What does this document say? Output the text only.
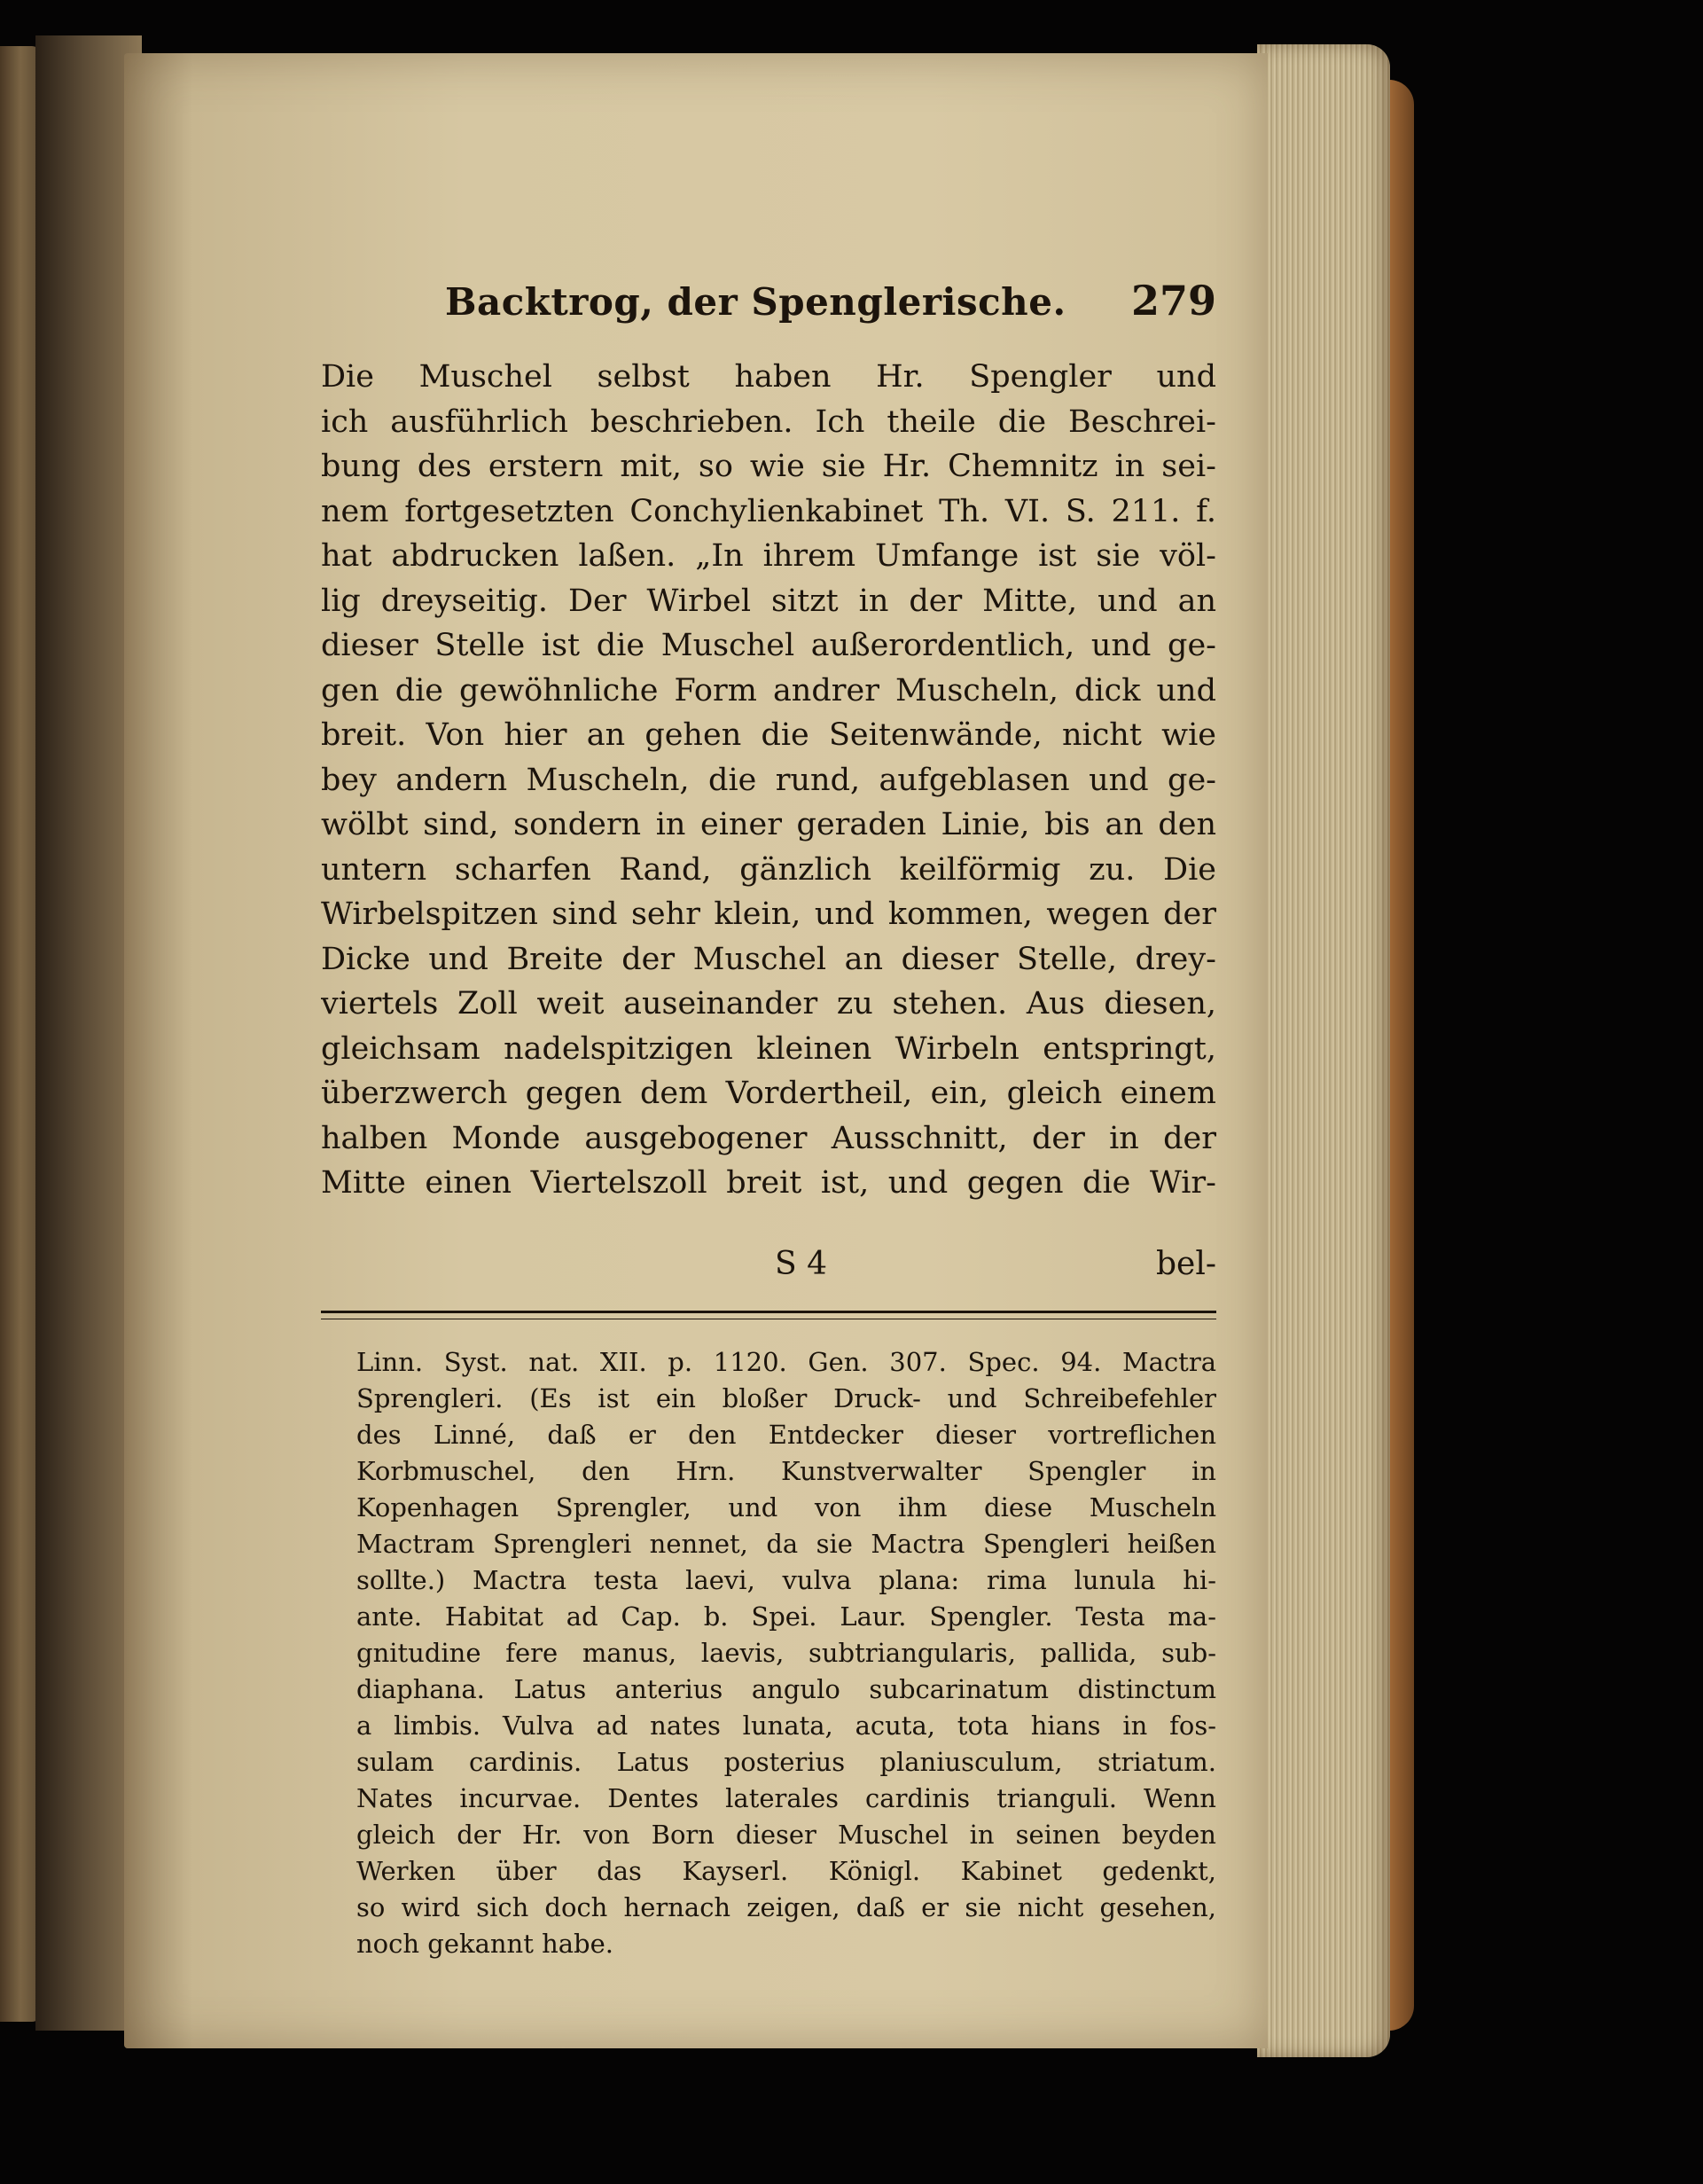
Backtrog, der Spenglerische.	279
Die Muschel selbst haben Hr. Spengler und
ich ausführlich beschrieben. Ich theile die Beschrei-
bung des erstern mit, so wie sie Hr. Chemnitz in sei-
nem fortgesetzten Conchylienkabinet Th. VI. S. 211. f.
hat abdrucken laßen. „In ihrem Umfange ist sie völ-
lig dreyseitig. Der Wirbel sitzt in der Mitte, und an
dieser Stelle ist die Muschel außerordentlich, und ge-
gen die gewöhnliche Form andrer Muscheln, dick und
breit. Von hier an gehen die Seitenwände, nicht wie
bey andern Muscheln, die rund, aufgeblasen und ge-
wölbt sind, sondern in einer geraden Linie, bis an den
untern scharfen Rand, gänzlich keilförmig zu. Die
Wirbelspitzen sind sehr klein, und kommen, wegen der
Dicke und Breite der Muschel an dieser Stelle, drey-
viertels Zoll weit auseinander zu stehen. Aus diesen,
gleichsam nadelspitzigen kleinen Wirbeln entspringt,
überzwerch gegen dem Vordertheil, ein, gleich einem
halben Monde ausgebogener Ausschnitt, der in der
Mitte einen Viertelszoll breit ist, und gegen die Wir-
S 4	bel-
Linn. Syst. nat. XII. p. 1120. Gen. 307. Spec. 94. Mactra
Sprengleri. (Es ist ein bloßer Druck- und Schreibefehler
des Linné, daß er den Entdecker dieser vortreflichen
Korbmuschel, den Hrn. Kunstverwalter Spengler in
Kopenhagen Sprengler, und von ihm diese Muscheln
Mactram Sprengleri nennet, da sie Mactra Spengleri heißen
sollte.) Mactra testa laevi, vulva plana: rima lunula hi-
ante. Habitat ad Cap. b. Spei. Laur. Spengler. Testa ma-
gnitudine fere manus, laevis, subtriangularis, pallida, sub-
diaphana. Latus anterius angulo subcarinatum distinctum
a limbis. Vulva ad nates lunata, acuta, tota hians in fos-
sulam cardinis. Latus posterius planiusculum, striatum.
Nates incurvae. Dentes laterales cardinis trianguli. Wenn
gleich der Hr. von Born dieser Muschel in seinen beyden
Werken über das Kayserl. Königl. Kabinet gedenkt,
so wird sich doch hernach zeigen, daß er sie nicht gesehen,
noch gekannt habe.
